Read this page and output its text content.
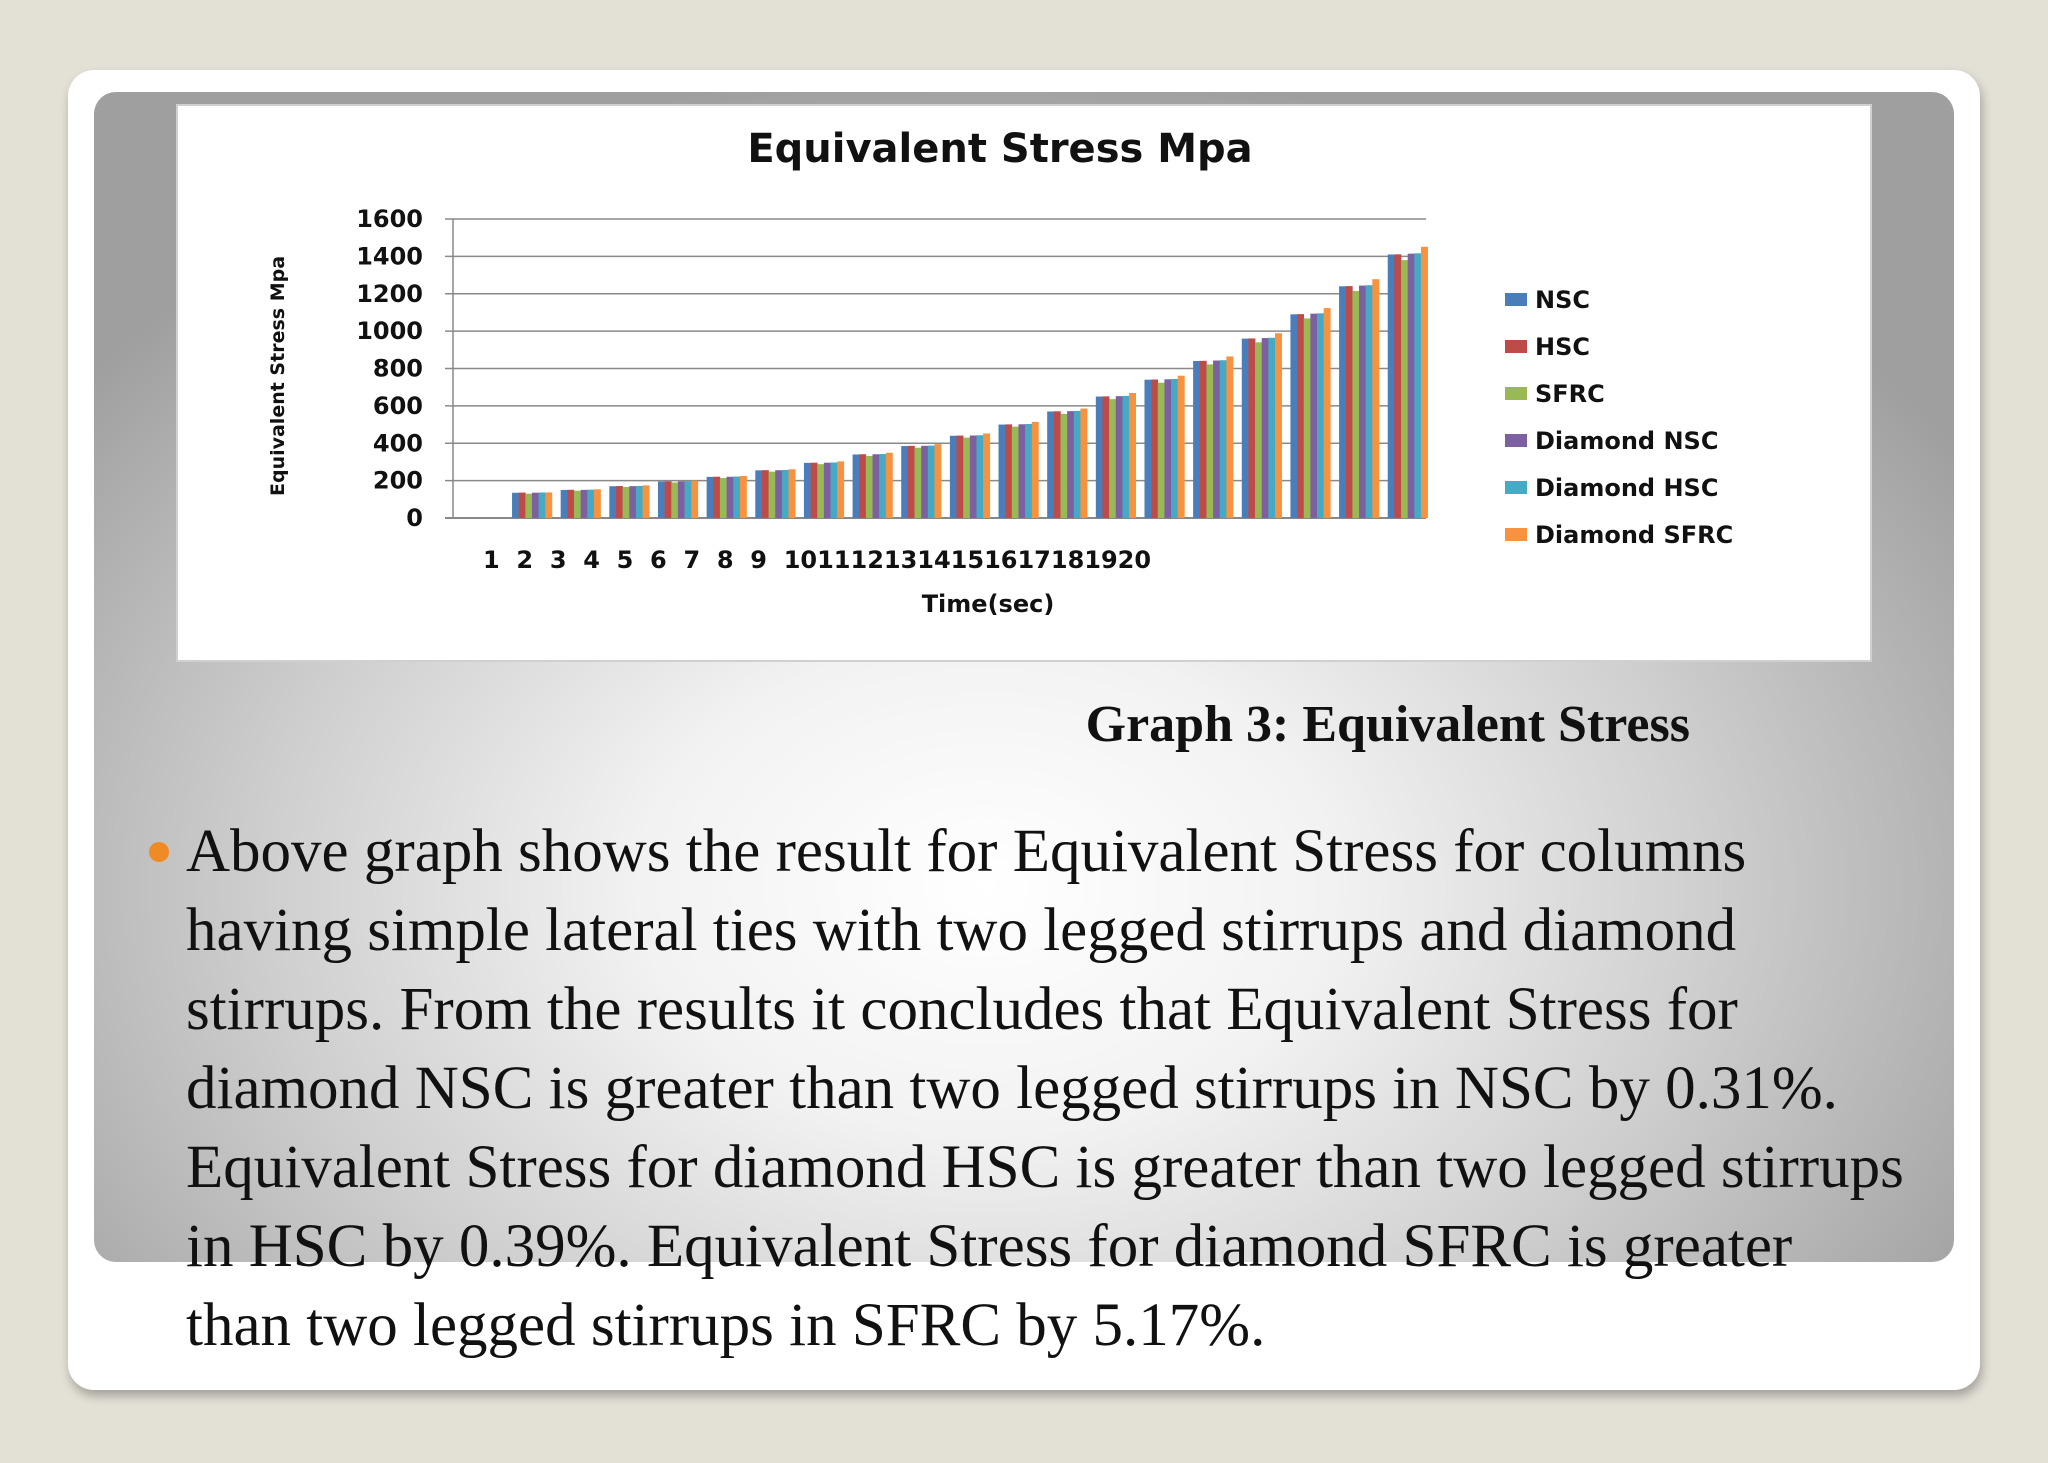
Equivalent Stress Mpa
Equivalent Stress Mpa
Time(sec)
1  2  3  4  5  6  7  8  9  1011121314151617181920
0
200
400
600
800
1000
1200
1400
1600
NSC
HSC
SFRC
Diamond NSC
Diamond HSC
Diamond SFRC
Graph 3: Equivalent Stress
Above graph shows the result for Equivalent Stress for columns having simple lateral ties with two legged stirrups and diamond stirrups. From the results it concludes that Equivalent Stress for diamond NSC is greater than two legged stirrups in NSC by 0.31%. Equivalent Stress for diamond HSC is greater than two legged stirrups in HSC by 0.39%. Equivalent Stress for diamond SFRC is greater than two legged stirrups in SFRC by 5.17%.
